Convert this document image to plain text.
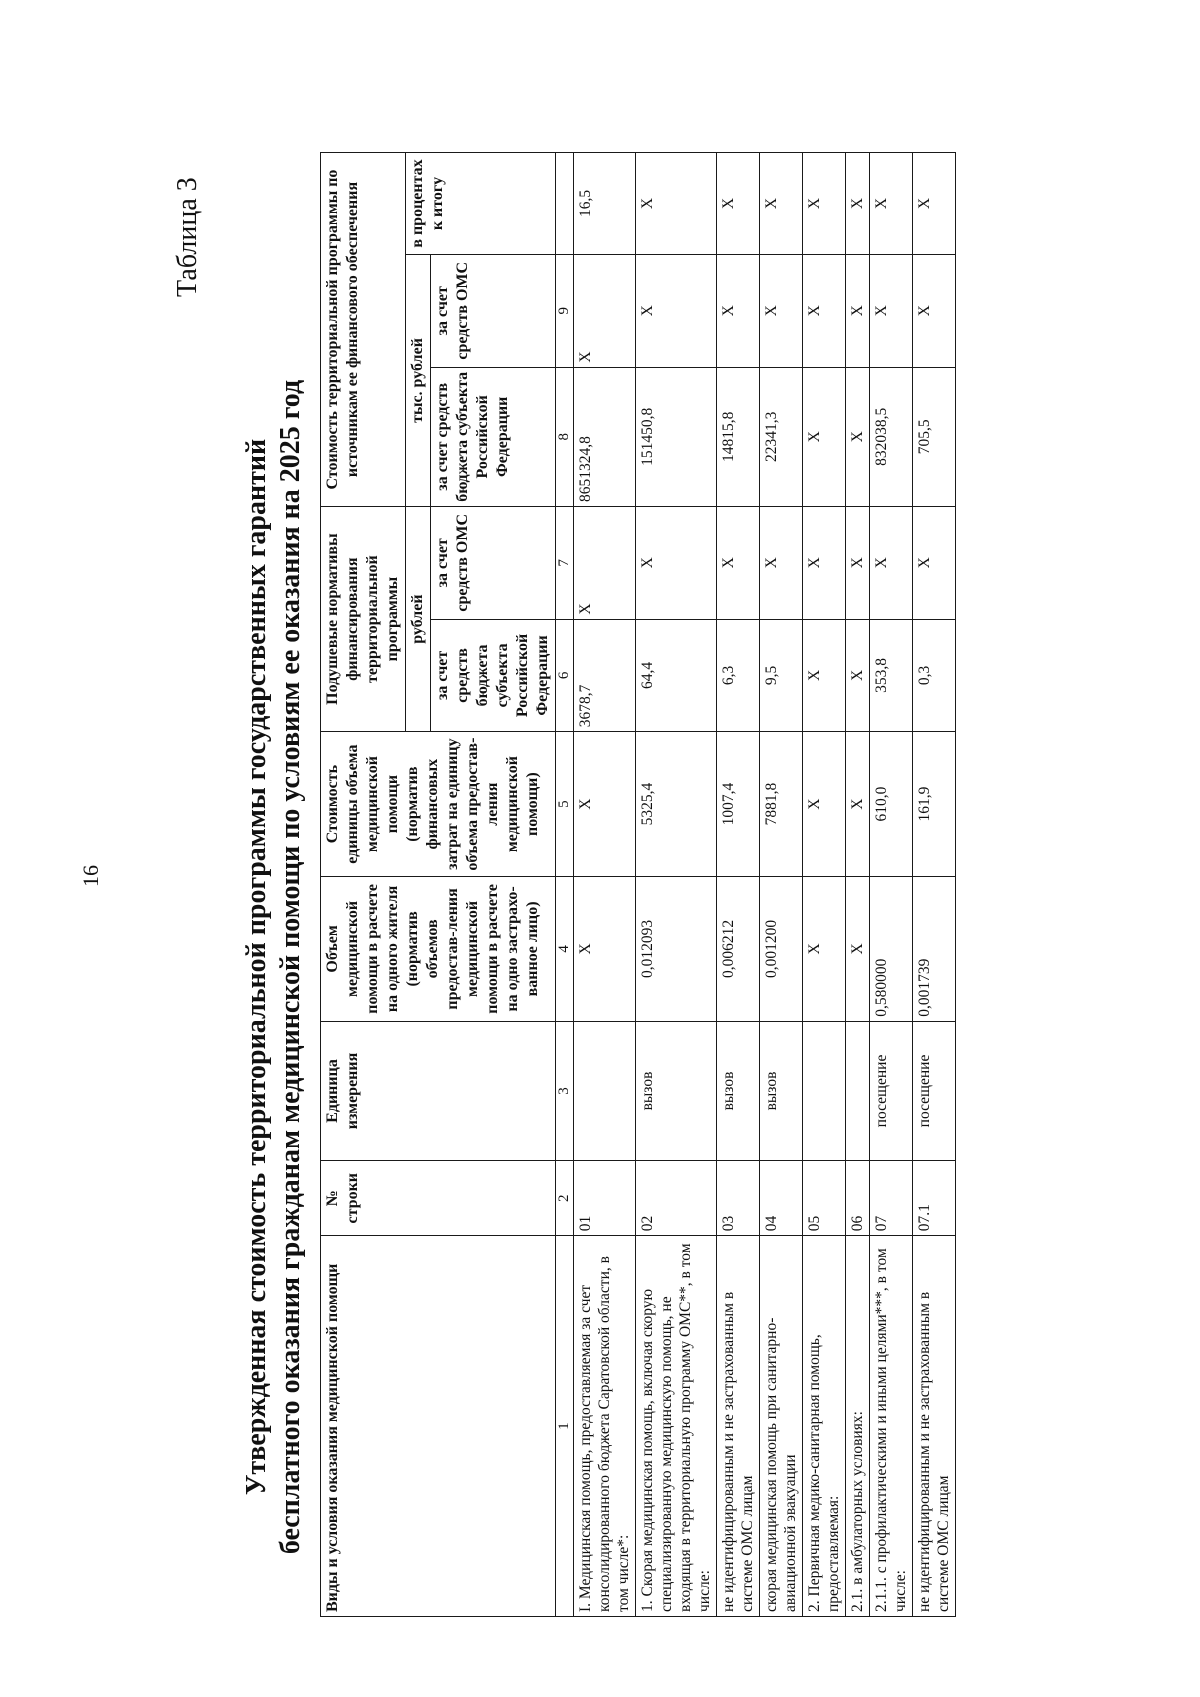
16
Таблица 3
Утвержденная стоимость территориальной программы государственных гарантий бесплатного оказания гражданам медицинской помощи по условиям ее оказания на 2025 год Виды и условия оказания медицинской помощи	№ строки	Единица измерения	Объем медицинской помощи в расчете на одного жителя (норматив объемов предостав-ления медицинской помощи в расчете на одно застрахо-ванное лицо)	Стоимость единицы объема медицинской помощи (норматив финансовых затрат на единицу объема предостав-ления медицинской помощи)	Подушевые нормативы финансирования территориальной программы		Стоимость территориальной программы по источникам ее финансового обеспечения		
					рублей		тыс. рублей		в процентах к итогу
					за счет средств бюджета субъекта Российской Федерации	за счет средств ОМС	за счет средств бюджета субъекта Российской Федерации	за счет средств ОМС	
1	2	3	4	5	6	7	8	9	
I. Медицинская помощь, предоставляемая за счет консолидированного бюджета Саратовской области, в том числе*:	01		X	X	3678,7	X	8651324,8	X	16,5
1. Скорая медицинская помощь, включая скорую специализированную медицинскую помощь, не входящая в территориальную программу ОМС**, в том числе:	02	вызов	0,012093	5325,4	64,4	X	151450,8	X	X
не идентифицированным и не застрахованным в системе ОМС лицам	03	вызов	0,006212	1007,4	6,3	X	14815,8	X	X
скорая медицинская помощь при санитарно-авиационной эвакуации	04	вызов	0,001200	7881,8	9,5	X	22341,3	X	X
2. Первичная медико-санитарная помощь, предоставляемая:	05		X	X	X	X	X	X	X
2.1. в амбулаторных условиях:	06		X	X	X	X	X	X	X
2.1.1. с профилактическими и иными целями***, в том числе:	07	посещение	0,580000	610,0	353,8	X	832038,5	X	X
не идентифицированным и не застрахованным в системе ОМС лицам	07.1	посещение	0,001739	161,9	0,3	X	705,5	X	X
